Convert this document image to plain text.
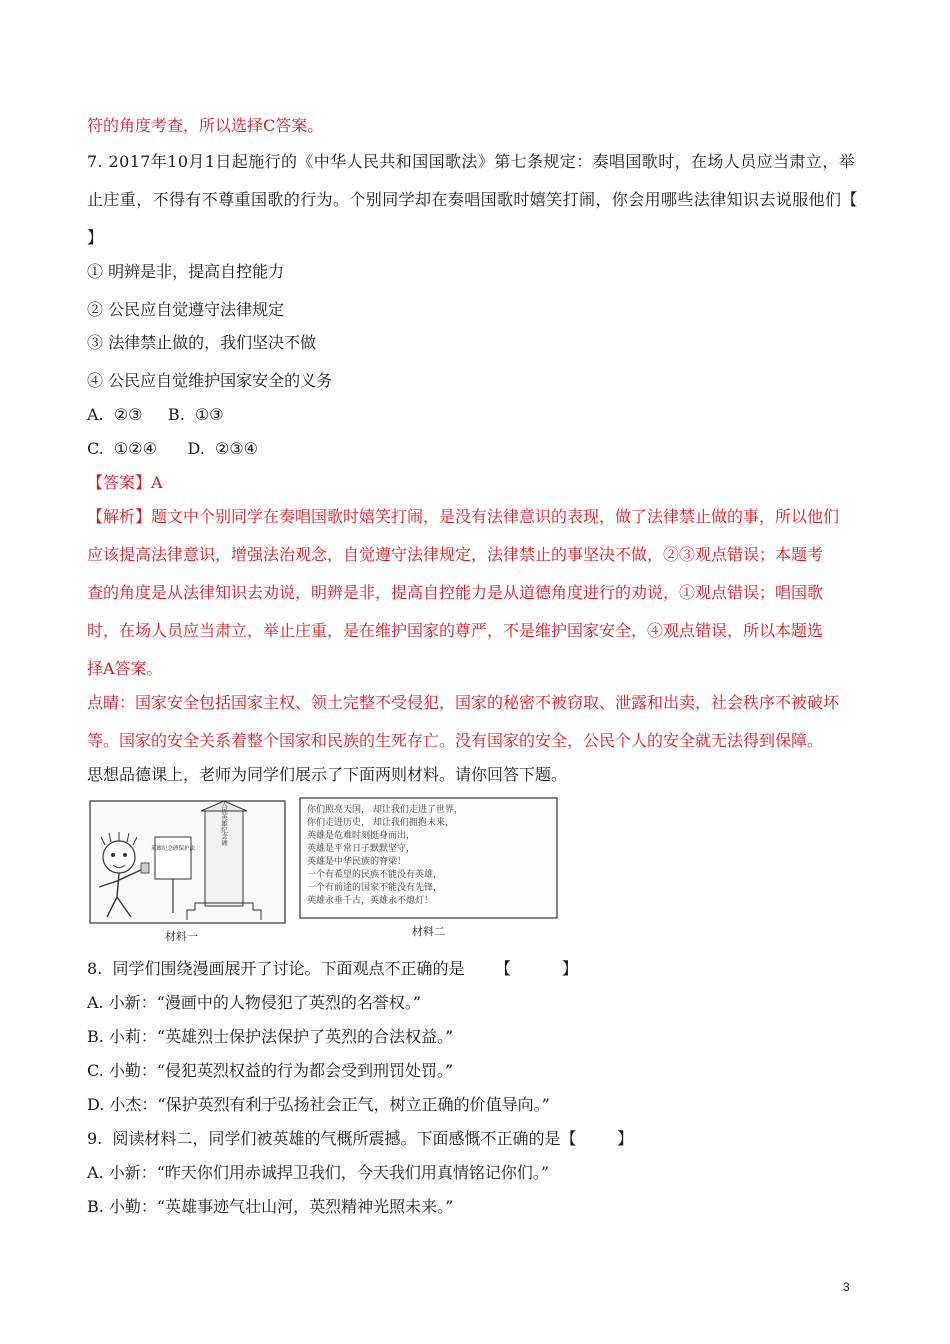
符的角度考查，所以选择C答案。
7. 2017年10月1日起施行的《中华人民共和国国歌法》第七条规定：奏唱国歌时，在场人员应当肃立，举
止庄重，不得有不尊重国歌的行为。个别同学却在奏唱国歌时嬉笑打闹，你会用哪些法律知识去说服他们【
】
① 明辨是非，提高自控能力
② 公民应自觉遵守法律规定
③ 法律禁止做的，我们坚决不做
④ 公民应自觉维护国家安全的义务
A.  ②③     B.  ①③
C.  ①②④      D.  ②③④
【答案】A
【解析】题文中个别同学在奏唱国歌时嬉笑打闹，是没有法律意识的表现，做了法律禁止做的事，所以他们
应该提高法律意识，增强法治观念，自觉遵守法律规定，法律禁止的事坚决不做，②③观点错误；本题考
查的角度是从法律知识去劝说，明辨是非，提高自控能力是从道德角度进行的劝说，①观点错误；唱国歌
时，在场人员应当肃立，举止庄重，是在维护国家的尊严，不是维护国家安全，④观点错误，所以本题选
择A答案。
点睛：国家安全包括国家主权、领土完整不受侵犯，国家的秘密不被窃取、泄露和出卖，社会秩序不被破坏
等。国家的安全关系着整个国家和民族的生死存亡。没有国家的安全，公民个人的安全就无法得到保障。
思想品德课上，老师为同学们展示了下面两则材料。请你回答下题。
人民英雄纪念碑
英雄纪念碑保护法
材料一
你们照亮天国， 却让我们走进了世界，
你们走进历史， 却让我们拥抱未来，
英雄是危难时刻挺身而出，
英雄是平常日子默默坚守，
英雄是中华民族的脊梁！
一个有希望的民族不能没有英雄，
一个有前途的国家不能没有先锋，
英雄永垂千古，英雄永不熄灯！
材料二
8.  同学们围绕漫画展开了讨论。下面观点不正确的是      【          】
A. 小新：“漫画中的人物侵犯了英烈的名誉权。”
B. 小莉：“英雄烈士保护法保护了英烈的合法权益。”
C. 小勤：“侵犯英烈权益的行为都会受到刑罚处罚。”
D. 小杰：“保护英烈有利于弘扬社会正气，树立正确的价值导向。”
9.  阅读材料二，同学们被英雄的气概所震撼。下面感慨不正确的是【        】
A. 小新：“昨天你们用赤诚捍卫我们，今天我们用真情铭记你们。”
B. 小勤：“英雄事迹气壮山河，英烈精神光照未来。”
3
